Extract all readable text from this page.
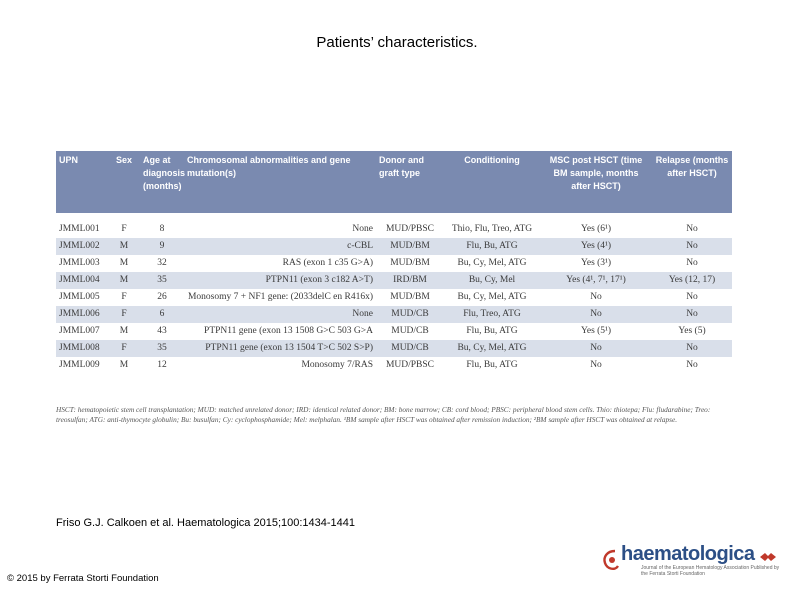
Patients’ characteristics.
UPN	Sex	Age at diagnosis (months)	Chromosomal abnormalities and gene mutation(s)	Donor and graft type	Conditioning	MSC post HSCT (time BM sample, months after HSCT)	Relapse (months after HSCT)
JMML001	F	8	None	MUD/PBSC	Thio, Flu, Treo, ATG	Yes (6¹)	No
JMML002	M	9	c-CBL	MUD/BM	Flu, Bu, ATG	Yes (4¹)	No
JMML003	M	32	RAS (exon 1 c35 G>A)	MUD/BM	Bu, Cy, Mel, ATG	Yes (3¹)	No
JMML004	M	35	PTPN11 (exon 3 c182 A>T)	IRD/BM	Bu, Cy, Mel	Yes (4¹, 7¹, 17¹)	Yes (12, 17)
JMML005	F	26	Monosomy 7 + NF1 gene: (2033delC en R416x)	MUD/BM	Bu, Cy, Mel, ATG	No	No
JMML006	F	6	None	MUD/CB	Flu, Treo, ATG	No	No
JMML007	M	43	PTPN11 gene (exon 13 1508 G>C 503 G>A	MUD/CB	Flu, Bu, ATG	Yes (5¹)	Yes (5)
JMML008	F	35	PTPN11 gene (exon 13 1504 T>C 502 S>P)	MUD/CB	Bu, Cy, Mel, ATG	No	No
JMML009	M	12	Monosomy 7/RAS	MUD/PBSC	Flu, Bu, ATG	No	No
HSCT: hematopoietic stem cell transplantation; MUD: matched unrelated donor; IRD: identical related donor; BM: bone marrow; CB: cord blood; PBSC: peripheral blood stem cells. Thio: thiotepa; Flu: fludarabine; Treo: treosulfan; ATG: anti-thymocyte globulin; Bu: busulfan; Cy: cyclophosphamide; Mel: melphalan. ¹BM sample after HSCT was obtained after remission induction; ²BM sample after HSCT was obtained at relapse.
Friso G.J. Calkoen et al. Haematologica 2015;100:1434-1441
© 2015 by Ferrata Storti Foundation
haematologica
Journal of the European Hematology Association Published by the Ferrata Storti Foundation
